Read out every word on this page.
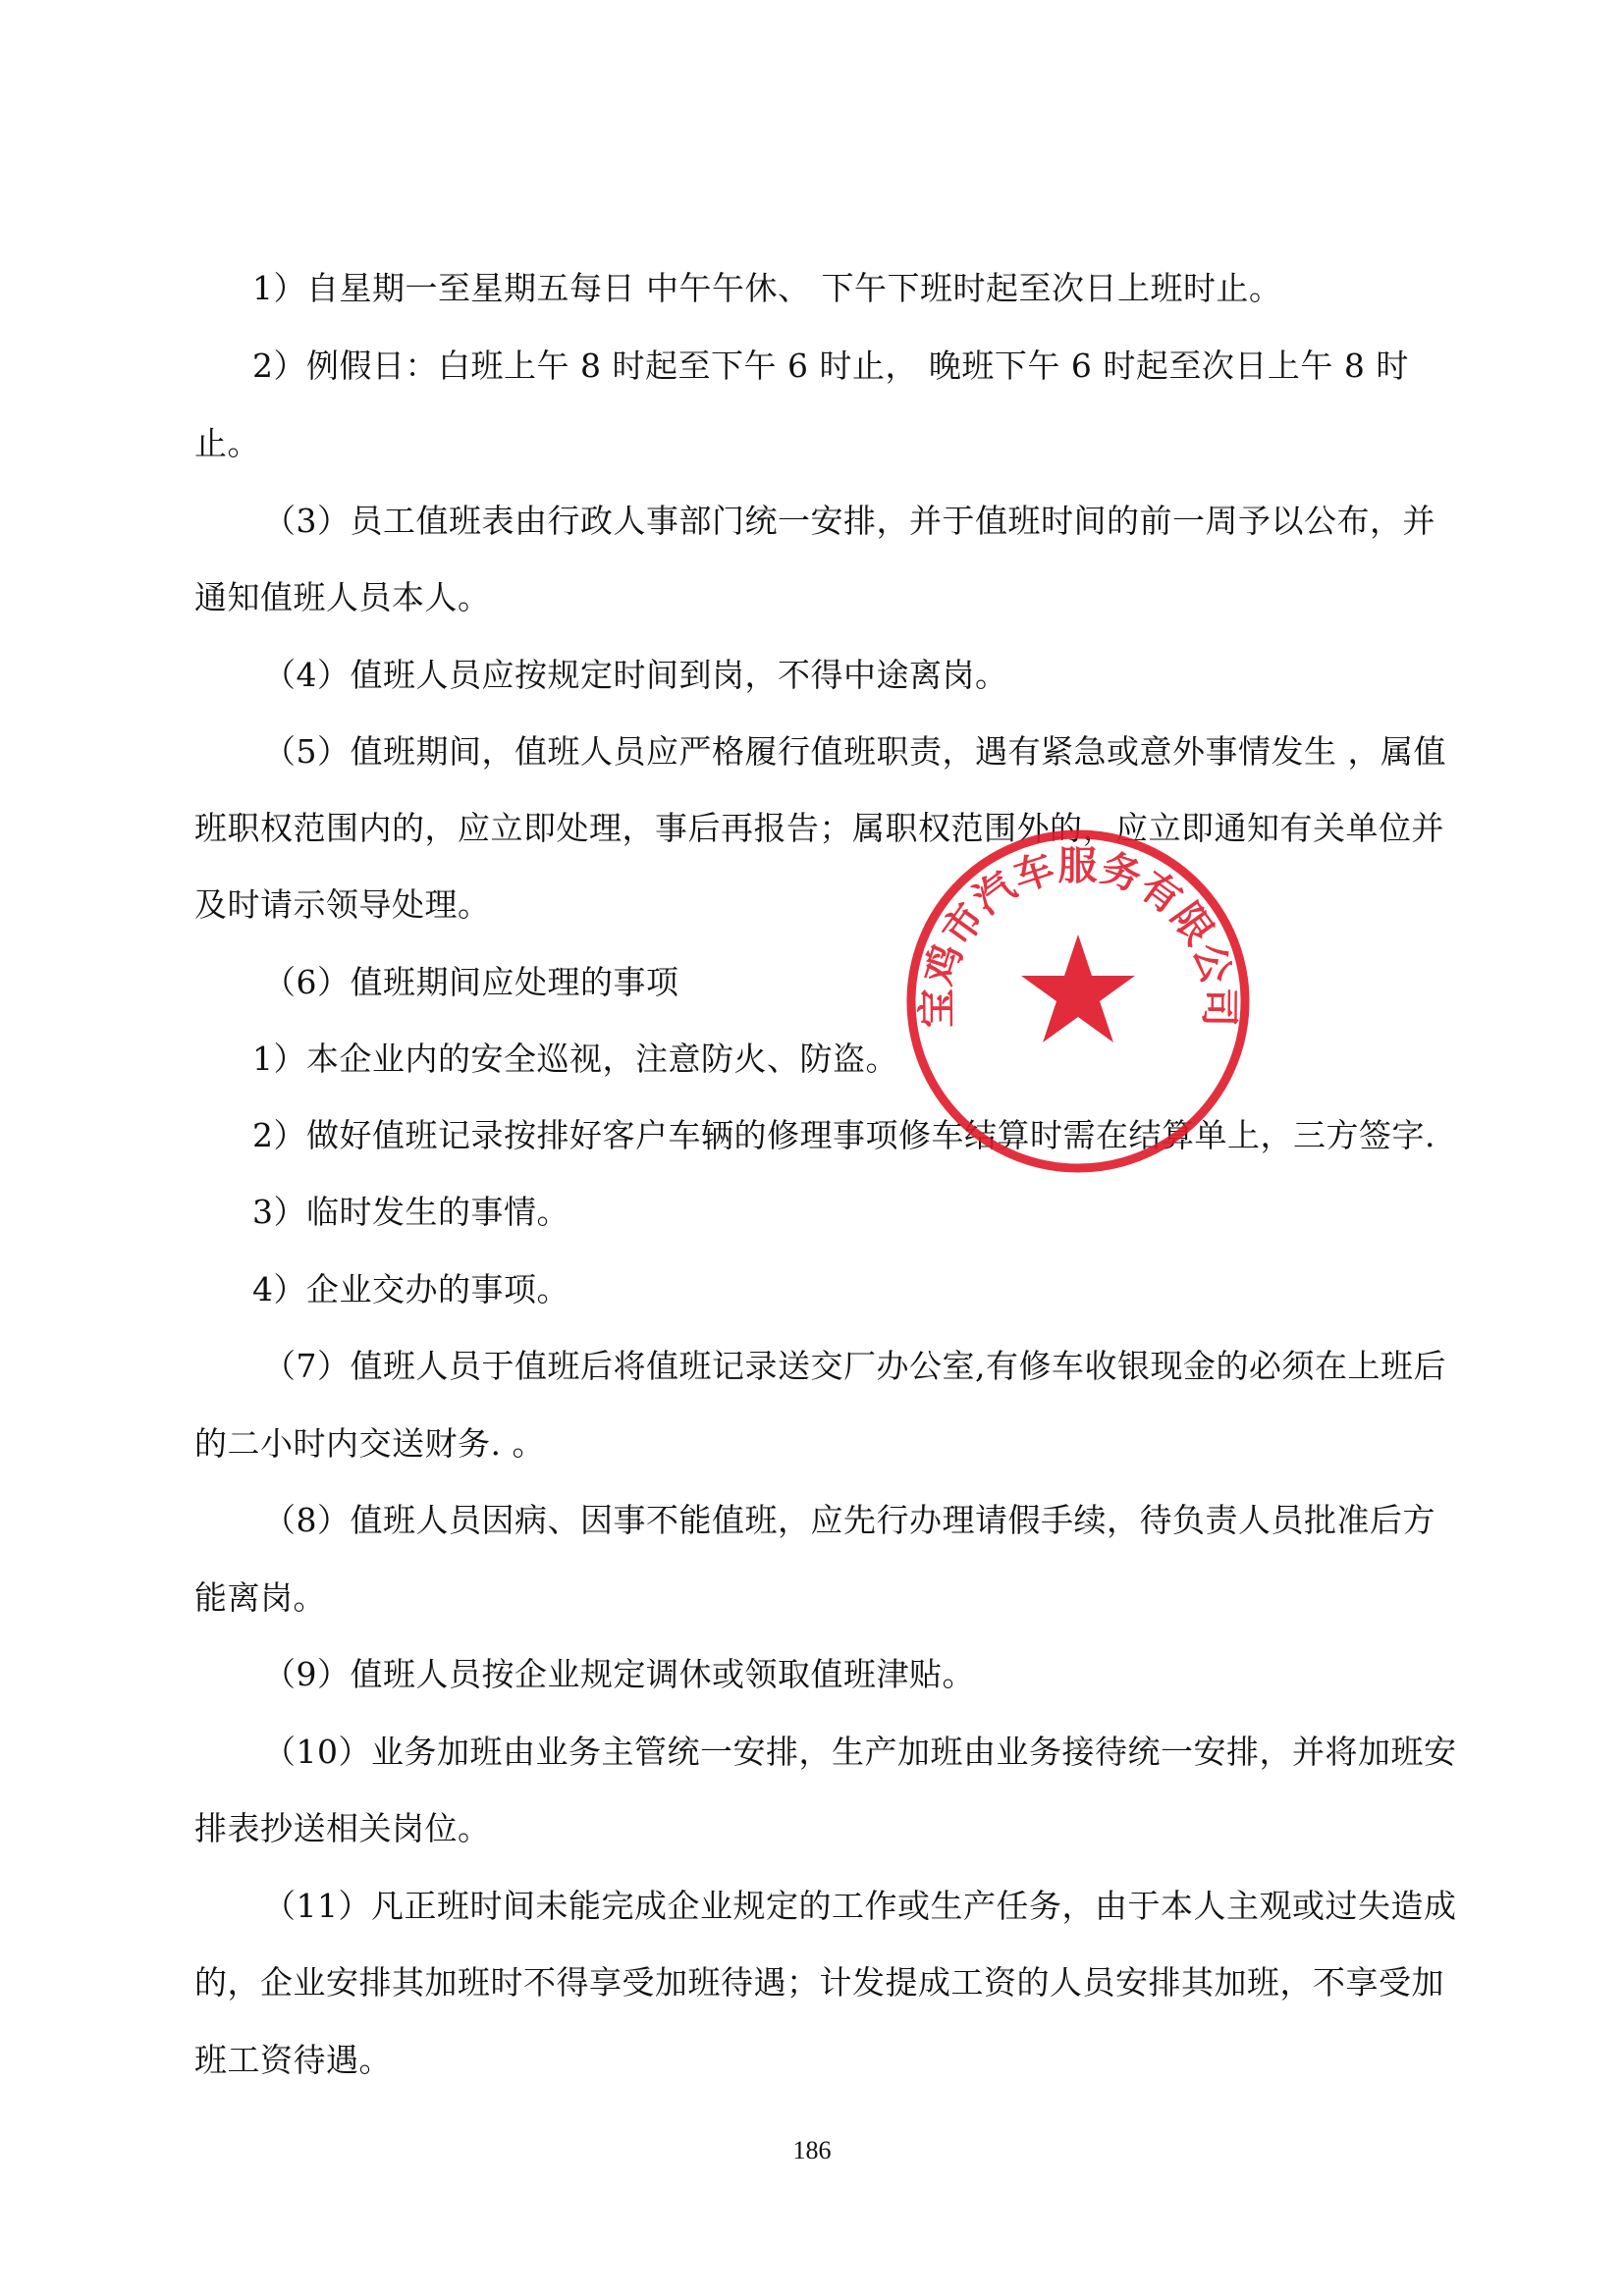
1）自星期一至星期五每日 中午午休、 下午下班时起至次日上班时止。
2）例假日：白班上午 8 时起至下午 6 时止， 晚班下午 6 时起至次日上午 8 时
止。
（3）员工值班表由行政人事部门统一安排，并于值班时间的前一周予以公布，并
通知值班人员本人。
（4）值班人员应按规定时间到岗，不得中途离岗。
（5）值班期间，值班人员应严格履行值班职责，遇有紧急或意外事情发生 ，属值
班职权范围内的，应立即处理，事后再报告；属职权范围外的，应立即通知有关单位并
及时请示领导处理。
（6）值班期间应处理的事项
1）本企业内的安全巡视，注意防火、防盗。
2）做好值班记录按排好客户车辆的修理事项修车结算时需在结算单上，三方签字.
3）临时发生的事情。
4）企业交办的事项。
（7）值班人员于值班后将值班记录送交厂办公室,有修车收银现金的必须在上班后
的二小时内交送财务. 。
（8）值班人员因病、因事不能值班，应先行办理请假手续，待负责人员批准后方
能离岗。
（9）值班人员按企业规定调休或领取值班津贴。
（10）业务加班由业务主管统一安排，生产加班由业务接待统一安排，并将加班安
排表抄送相关岗位。
（11）凡正班时间未能完成企业规定的工作或生产任务，由于本人主观或过失造成
的，企业安排其加班时不得享受加班待遇；计发提成工资的人员安排其加班，不享受加
班工资待遇。
186
宝鸡市汽车服务有限公司
